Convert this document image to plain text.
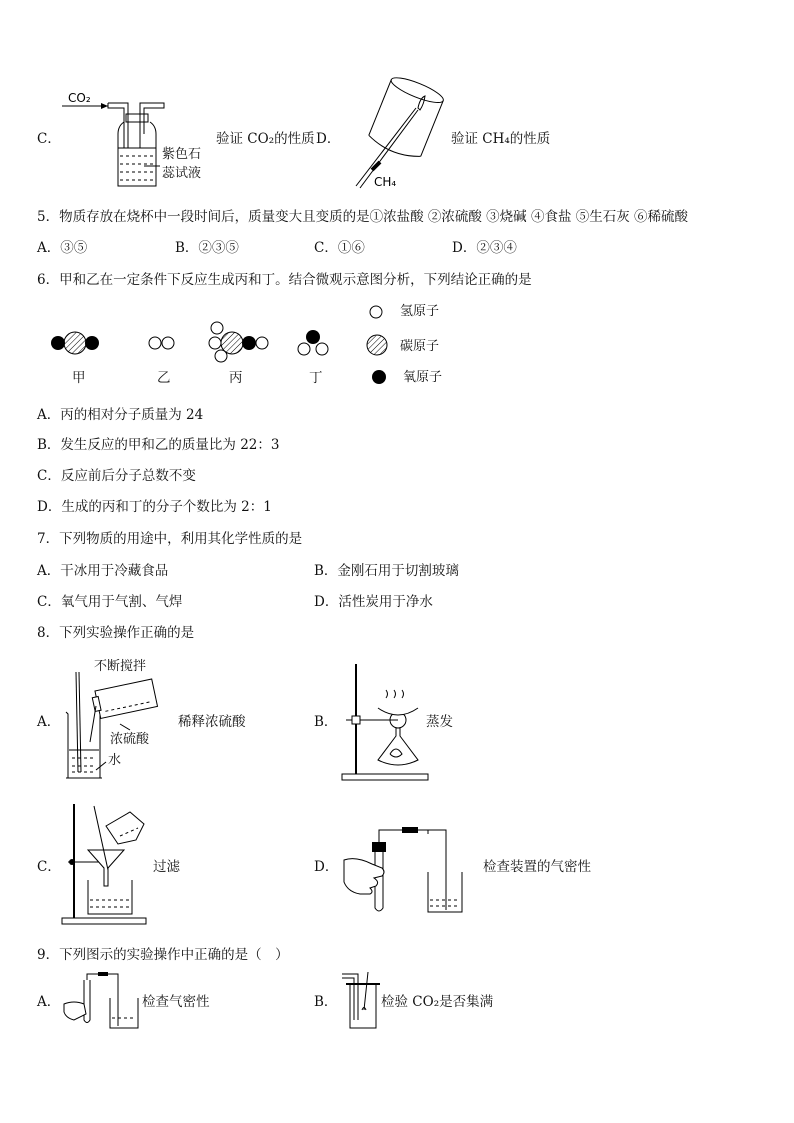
C．
CO₂
紫色石
蕊试液
验证 CO₂的性质 D．
CH₄
验证 CH₄的性质
5．物质存放在烧杯中一段时间后，质量变大且变质的是①浓盐酸 ②浓硫酸 ③烧碱 ④食盐 ⑤生石灰 ⑥稀硫酸
A．③⑤	B．②③⑤	C．①⑥	D．②③④
6．甲和乙在一定条件下反应生成丙和丁。结合微观示意图分析，下列结论正确的是
甲	乙	丙	丁
氢原子
碳原子
氧原子
A．丙的相对分子质量为 24
B．发生反应的甲和乙的质量比为 22：3
C．反应前后分子总数不变
D．生成的丙和丁的分子个数比为 2：1
7．下列物质的用途中，利用其化学性质的是
A．干冰用于冷藏食品	B．金刚石用于切割玻璃
C．氧气用于气割、气焊	D．活性炭用于净水
8．下列实验操作正确的是
A．
不断搅拌
浓硫酸
水
稀释浓硫酸	B．	蒸发
C．	过滤	D．	检查装置的气密性
9．下列图示的实验操作中正确的是（　）
A．	检查气密性	B．	检验 CO₂是否集满
